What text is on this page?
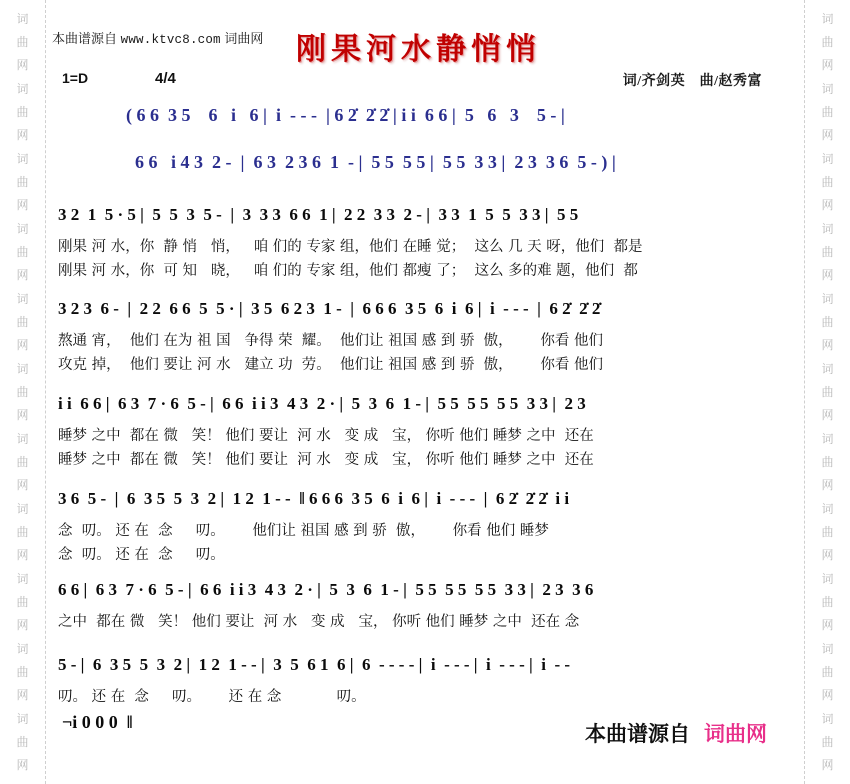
词
曲
网
词
曲
网
词
曲
网
词
曲
网
词
曲
网
词
曲
网
词
曲
网
词
曲
网
词
曲
网
词
曲
网
词
曲
网
词
曲
网
词
曲
网
词
曲
网
词
曲
网
词
曲
网
词
曲
网
词
曲
网
词
曲
网
词
曲
网
词
曲
网
词
曲
网
本曲谱源自 www.ktvc8.com 词曲网 刚果河水静悄悄
1=D	4/4	词/齐剑英　曲/赵秀富
( 6 6  3 5    6   i   6 |  i  - - -  | 6 2̇  2̇ 2̇ | i i  6 6 |  5   6   3    5 - |
6 6   i 4 3  2 -  |  6 3  2 3 6  1  - |  5 5  5 5 |  5 5  3 3 |  2 3  3 6  5 - ) |
3 2  1  5 · 5 |  5  5  3  5 -  |  3  3 3  6 6  1 |  2 2  3 3  2 - |  3 3  1  5  5  3 3 |  5 5
刚果 河 水，你  静 悄   悄，   咱 们的 专家 组，他们 在睡 觉；  这么 几 天 呀，他们  都是
刚果 河 水，你  可 知   晓，   咱 们的 专家 组，他们 都瘦 了；  这么 多的难 题，他们  都
3 2 3  6 -  |  2 2  6 6  5  5 · |  3 5  6 2 3  1 -  |  6 6 6  3 5  6  i  6 |  i  - - -  |  6 2̇  2̇ 2̇
熬通 宵，  他们 在为 祖 国   争得 荣  耀。  他们让 祖国 感 到 骄  傲，      你看 他们
攻克 掉，  他们 要让 河 水   建立 功  劳。  他们让 祖国 感 到 骄  傲，      你看 他们
i i  6 6 |  6 3  7 · 6  5 - |  6 6  i i 3  4 3  2 · |  5  3  6  1 - |  5 5  5 5  5 5  3 3 |  2 3
睡梦 之中  都在 微   笑！ 他们 要让  河 水   变 成   宝， 你听 他们 睡梦 之中  还在
睡梦 之中  都在 微   笑！ 他们 要让  河 水   变 成   宝， 你听 他们 睡梦 之中  还在
3 6  5 -  |  6  3 5  5  3  2 |  1 2  1 - -  ‖ 6 6 6  3 5  6  i  6 |  i  - - -  |  6 2̇  2̇ 2̇  i i
念  叨。 还 在  念     叨。      他们让 祖国 感 到 骄  傲，      你看 他们 睡梦
念  叨。 还 在  念     叨。
6 6 |  6 3  7 · 6  5 - |  6 6  i i 3  4 3  2 · |  5  3  6  1 - |  5 5  5 5  5 5  3 3 |  2 3  3 6
之中  都在 微   笑！ 他们 要让  河 水   变 成   宝， 你听 他们 睡梦 之中  还在 念
5 - |  6  3 5  5  3  2 |  1 2  1 - - |  3  5  6 1  6 |  6  - - - - |  i  - - - |  i  - - - |  i  - -
叨。 还 在  念     叨。      还 在 念            叨。
¬i 0 0 0  ‖	本曲谱源自 词曲网
